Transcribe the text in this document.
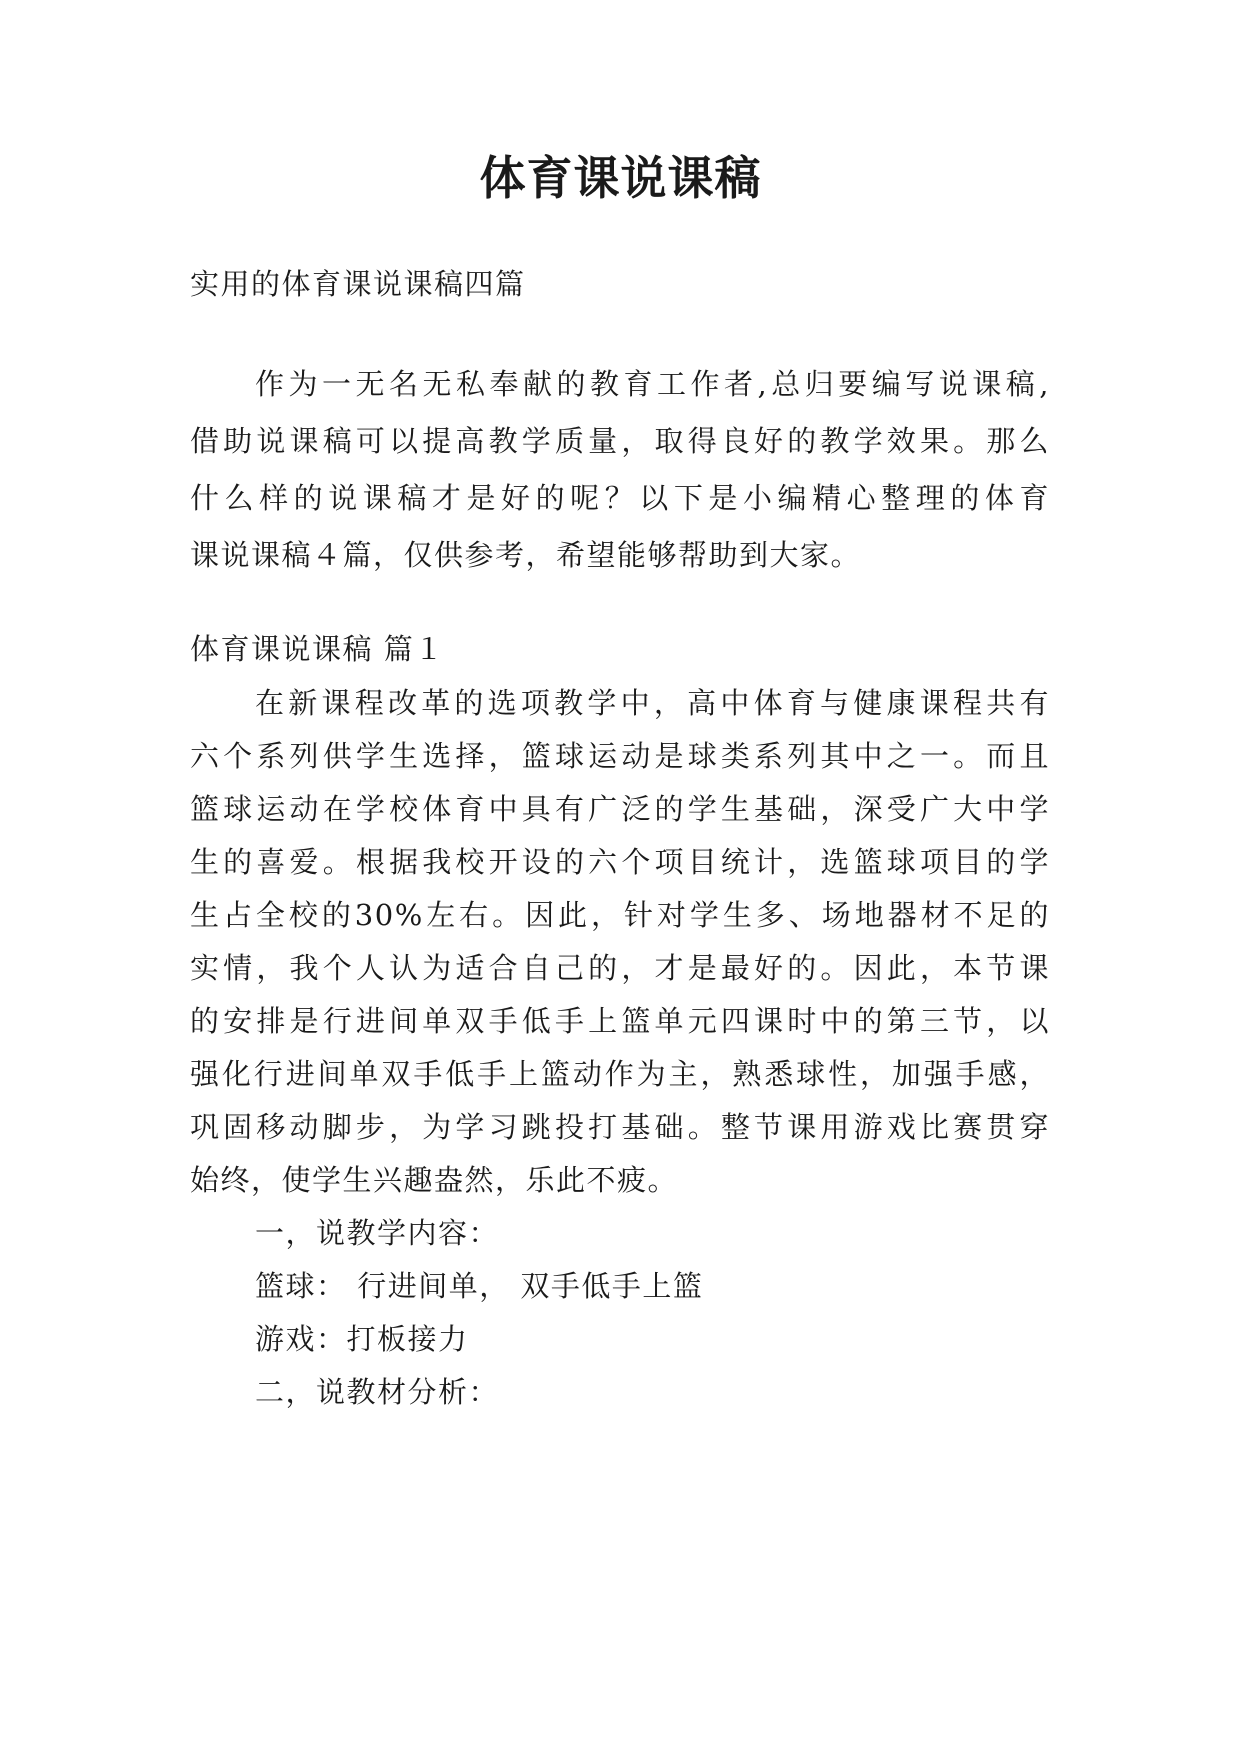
体育课说课稿

实用的体育课说课稿四篇

作为一无名无私奉献的教育工作者,总归要编写说课稿,

借助说课稿可以提高教学质量，取得良好的教学效果。那么

什么样的说课稿才是好的呢？以下是小编精心整理的体育

课说课稿４篇，仅供参考，希望能够帮助到大家。

体育课说课稿 篇１

在新课程改革的选项教学中，高中体育与健康课程共有

六个系列供学生选择，篮球运动是球类系列其中之一。而且

篮球运动在学校体育中具有广泛的学生基础，深受广大中学

生的喜爱。根据我校开设的六个项目统计，选篮球项目的学

生占全校的30%左右。因此，针对学生多、场地器材不足的

实情，我个人认为适合自己的，才是最好的。因此，本节课

的安排是行进间单双手低手上篮单元四课时中的第三节，以

强化行进间单双手低手上篮动作为主，熟悉球性，加强手感，

巩固移动脚步，为学习跳投打基础。整节课用游戏比赛贯穿

始终，使学生兴趣盎然，乐此不疲。

一，说教学内容：

篮球： 行进间单， 双手低手上篮

游戏：打板接力

二，说教材分析：
